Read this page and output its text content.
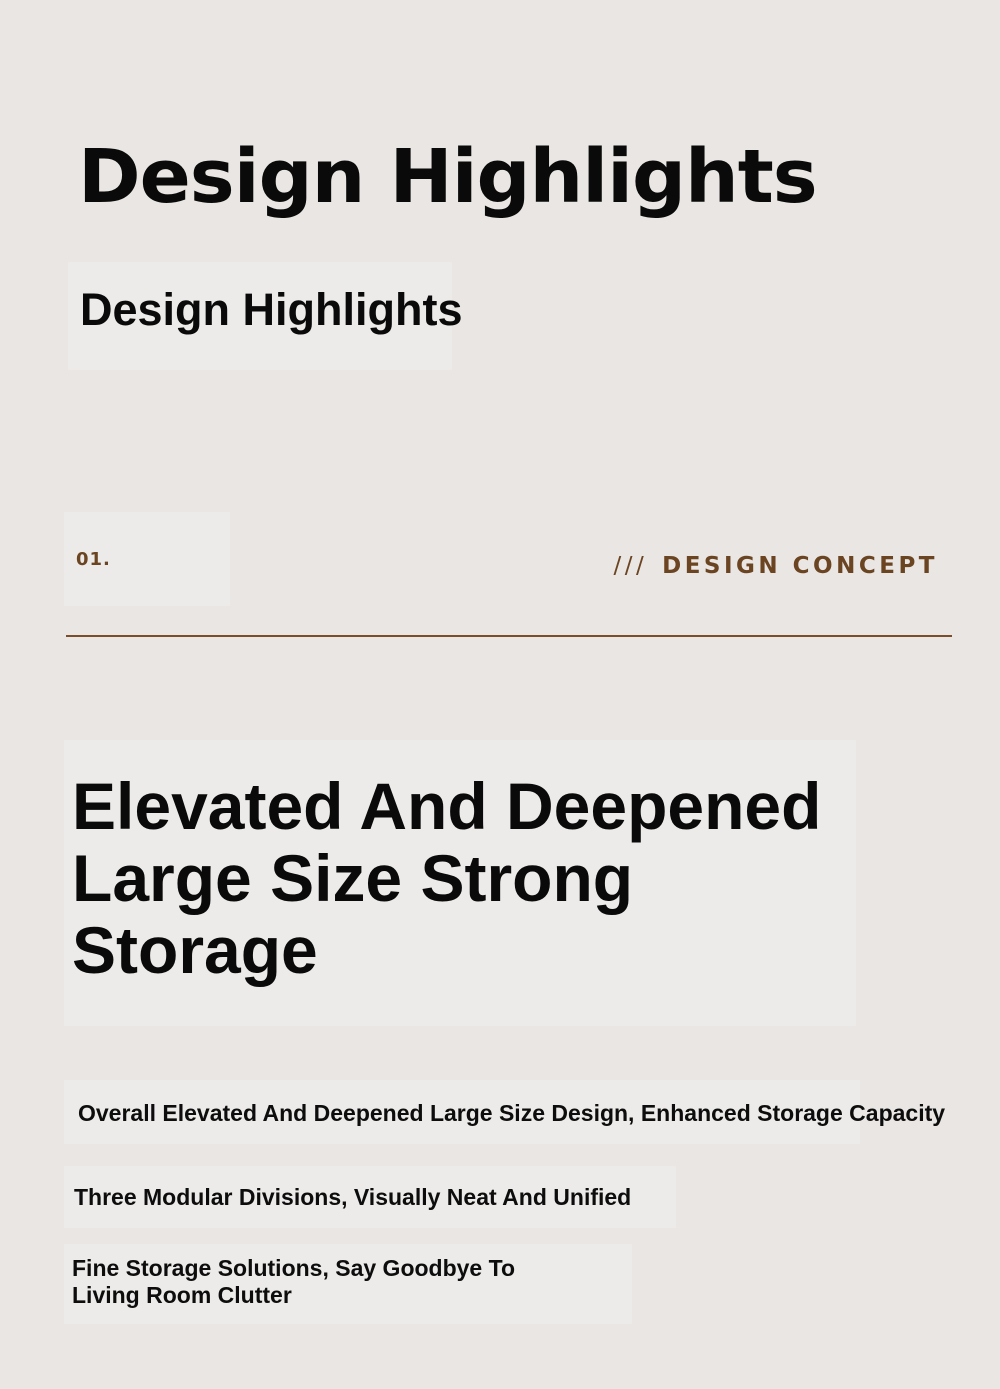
Design Highlights
Design Highlights
01.	/// DESIGN CONCEPT
Elevated And Deepened Large Size Strong Storage

Overall Elevated And Deepened Large Size Design, Enhanced Storage Capacity

Three Modular Divisions, Visually Neat And Unified

Fine Storage Solutions, Say Goodbye To Living Room Clutter
